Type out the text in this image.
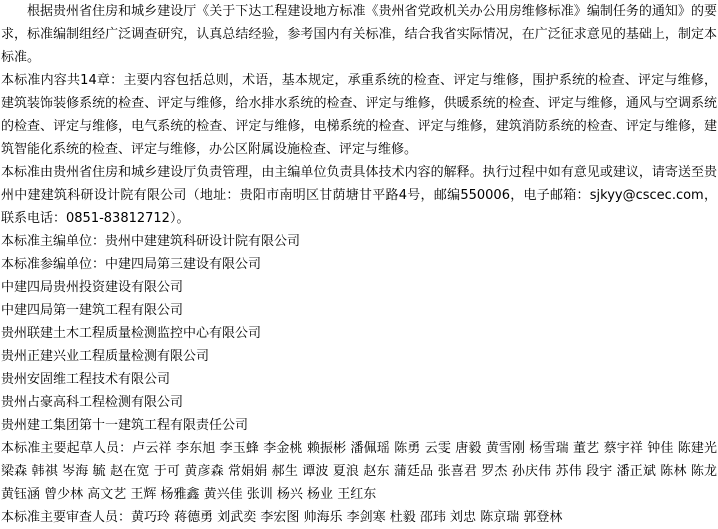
根据贵州省住房和城乡建设厅《关于下达工程建设地方标准《贵州省党政机关办公用房维修标准》编制任务的通知》的要求，标准编制组经广泛调查研究，认真总结经验，参考国内有关标准，结合我省实际情况，在广泛征求意见的基础上，制定本标准。

本标准内容共14章：主要内容包括总则，术语，基本规定，承重系统的检查、评定与维修，围护系统的检查、评定与维修，建筑装饰装修系统的检查、评定与维修，给水排水系统的检查、评定与维修，供暖系统的检查、评定与维修，通风与空调系统的检查、评定与维修，电气系统的检查、评定与维修，电梯系统的检查、评定与维修，建筑消防系统的检查、评定与维修，建筑智能化系统的检查、评定与维修，办公区附属设施检查、评定与维修。

本标准由贵州省住房和城乡建设厅负责管理，由主编单位负责具体技术内容的解释。执行过程中如有意见或建议，请寄送至贵州中建建筑科研设计院有限公司（地址：贵阳市南明区甘荫塘甘平路4号，邮编550006，电子邮箱：sjkyy@cscec.com，联系电话：0851-83812712）。

本标准主编单位：贵州中建建筑科研设计院有限公司

本标准参编单位：中建四局第三建设有限公司

中建四局贵州投资建设有限公司

中建四局第一建筑工程有限公司

贵州联建土木工程质量检测监控中心有限公司

贵州正建兴业工程质量检测有限公司

贵州安固维工程技术有限公司

贵州占豪高科工程检测有限公司

贵州建工集团第十一建筑工程有限责任公司

本标准主要起草人员：卢云祥 李东旭 李玉蜂 李金桃 赖振彬 潘佩瑶 陈勇 云雯 唐毅 黄雪刚 杨雪瑞 董艺 蔡宇祥 钟佳 陈建光 梁森 韩祺 岑海 毓 赵在宽 于可 黄彦森 常娟娟 郝生 谭波 夏浪 赵东 蒲廷品 张喜君 罗杰 孙庆伟 苏伟 段宇 潘正斌 陈林 陈龙 黄钰涵 曾少林 高文艺 王辉 杨雅鑫 黄兴佳 张训 杨兴 杨业 王红东

本标准主要审查人员：黄巧玲 蒋德勇 刘武奕 李宏图 帅海乐 李剑寒 杜毅 邵玮 刘忠 陈京瑞 郭登林
